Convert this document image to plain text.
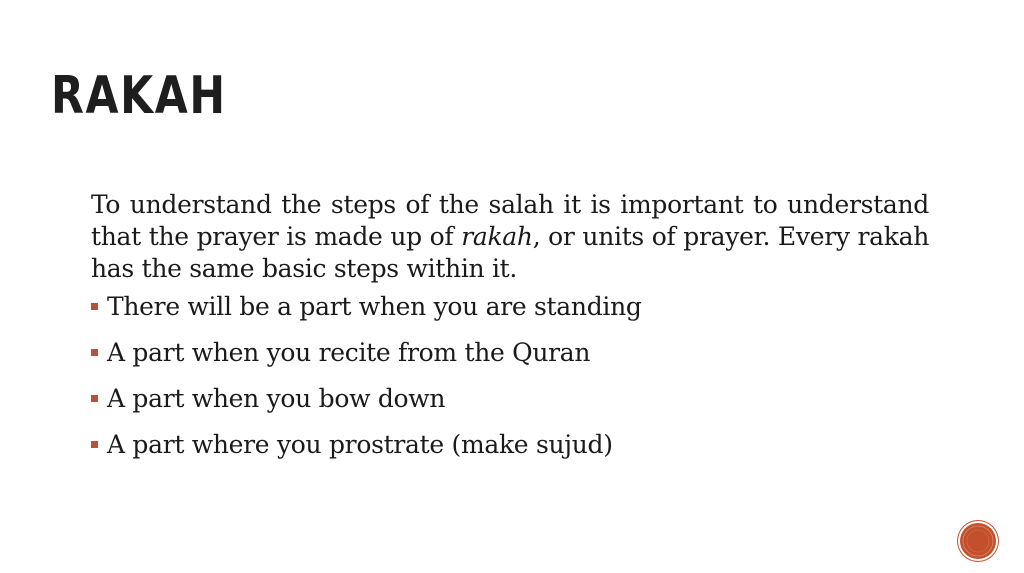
RAKAH

To understand the steps of the salah it is important to understand that the prayer is made up of rakah, or units of prayer. Every rakah has the same basic steps within it.

There will be a part when you are standing
A part when you recite from the Quran
A part when you bow down
A part where you prostrate (make sujud)
